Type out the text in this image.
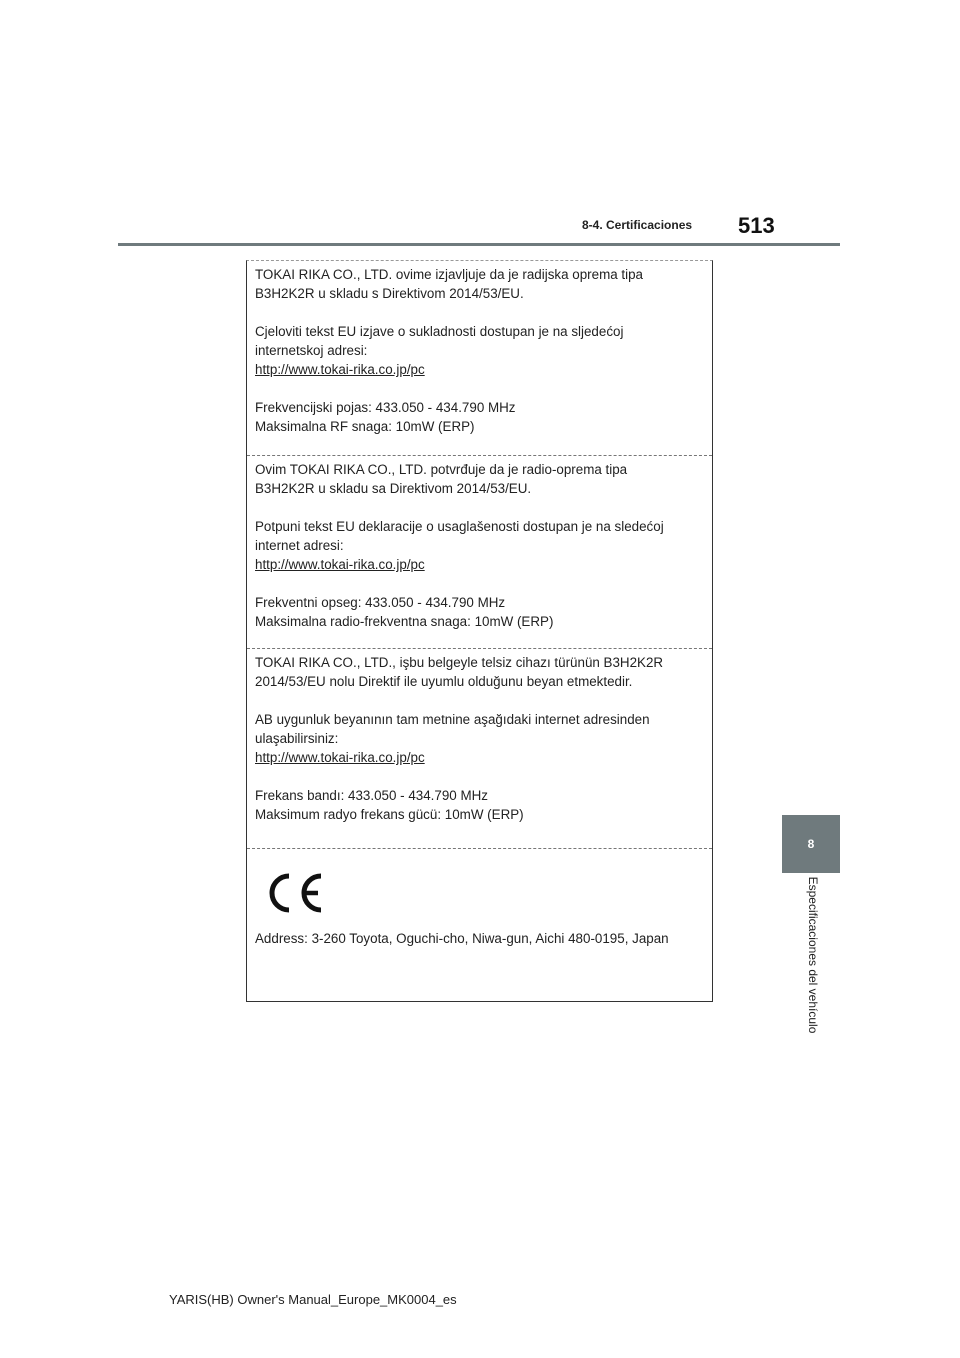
8-4. Certificaciones 513
8
Especificaciones del vehículo

TOKAI RIKA CO., LTD. ovime izjavljuje da je radijska oprema tipa

B3H2K2R u skladu s Direktivom 2014/53/EU.

Cjeloviti tekst EU izjave o sukladnosti dostupan je na sljedećoj

internetskoj adresi:

http://www.tokai-rika.co.jp/pc

Frekvencijski pojas: 433.050 - 434.790 MHz

Maksimalna RF snaga: 10mW (ERP)

Ovim TOKAI RIKA CO., LTD. potvrđuje da je radio-oprema tipa

B3H2K2R u skladu sa Direktivom 2014/53/EU.

Potpuni tekst EU deklaracije o usaglašenosti dostupan je na sledećoj

internet adresi:

http://www.tokai-rika.co.jp/pc

Frekventni opseg: 433.050 - 434.790 MHz

Maksimalna radio-frekventna snaga: 10mW (ERP)

TOKAI RIKA CO., LTD., işbu belgeyle telsiz cihazı türünün B3H2K2R

2014/53/EU nolu Direktif ile uyumlu olduğunu beyan etmektedir.

AB uygunluk beyanının tam metnine aşağıdaki internet adresinden

ulaşabilirsiniz:

http://www.tokai-rika.co.jp/pc

Frekans bandı: 433.050 - 434.790 MHz

Maksimum radyo frekans gücü: 10mW (ERP)

Address: 3-260 Toyota, Oguchi-cho, Niwa-gun, Aichi 480-0195, Japan

YARIS(HB) Owner's Manual_Europe_MK0004_es
